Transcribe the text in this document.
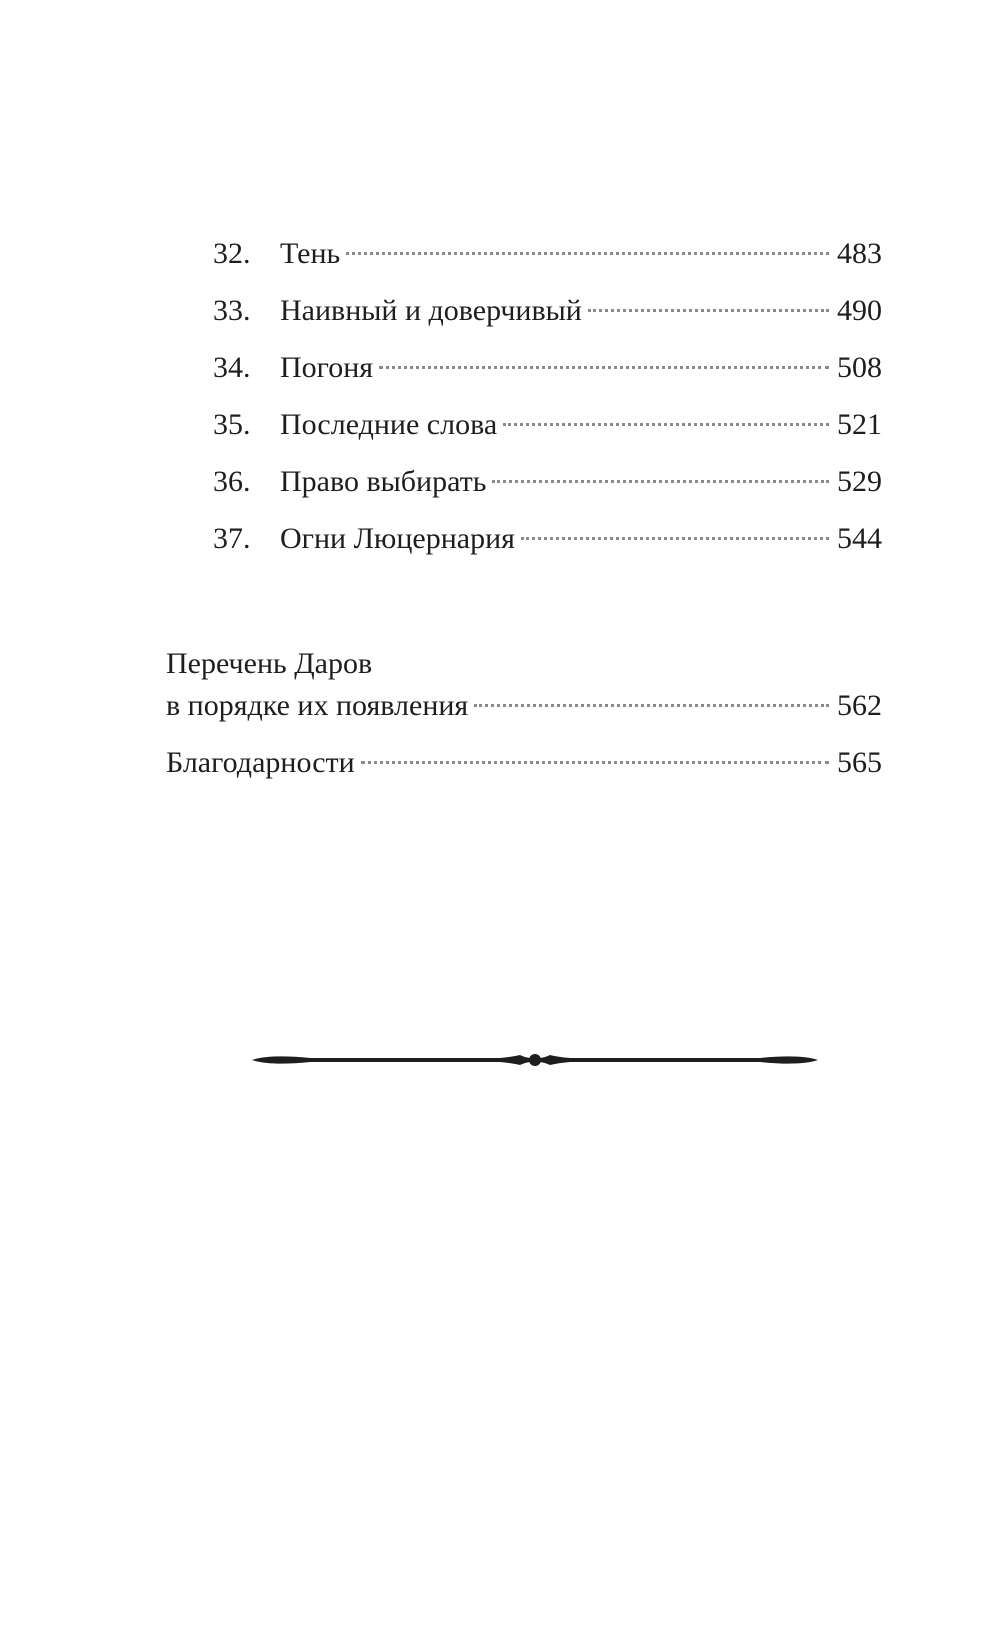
32. Тень	483
33. Наивный и доверчивый	490
34. Погоня	508
35. Последние слова	521
36. Право выбирать	529
37. Огни Люцернария	544
Перечень Даров
в порядке их появления	562
Благодарности	565
